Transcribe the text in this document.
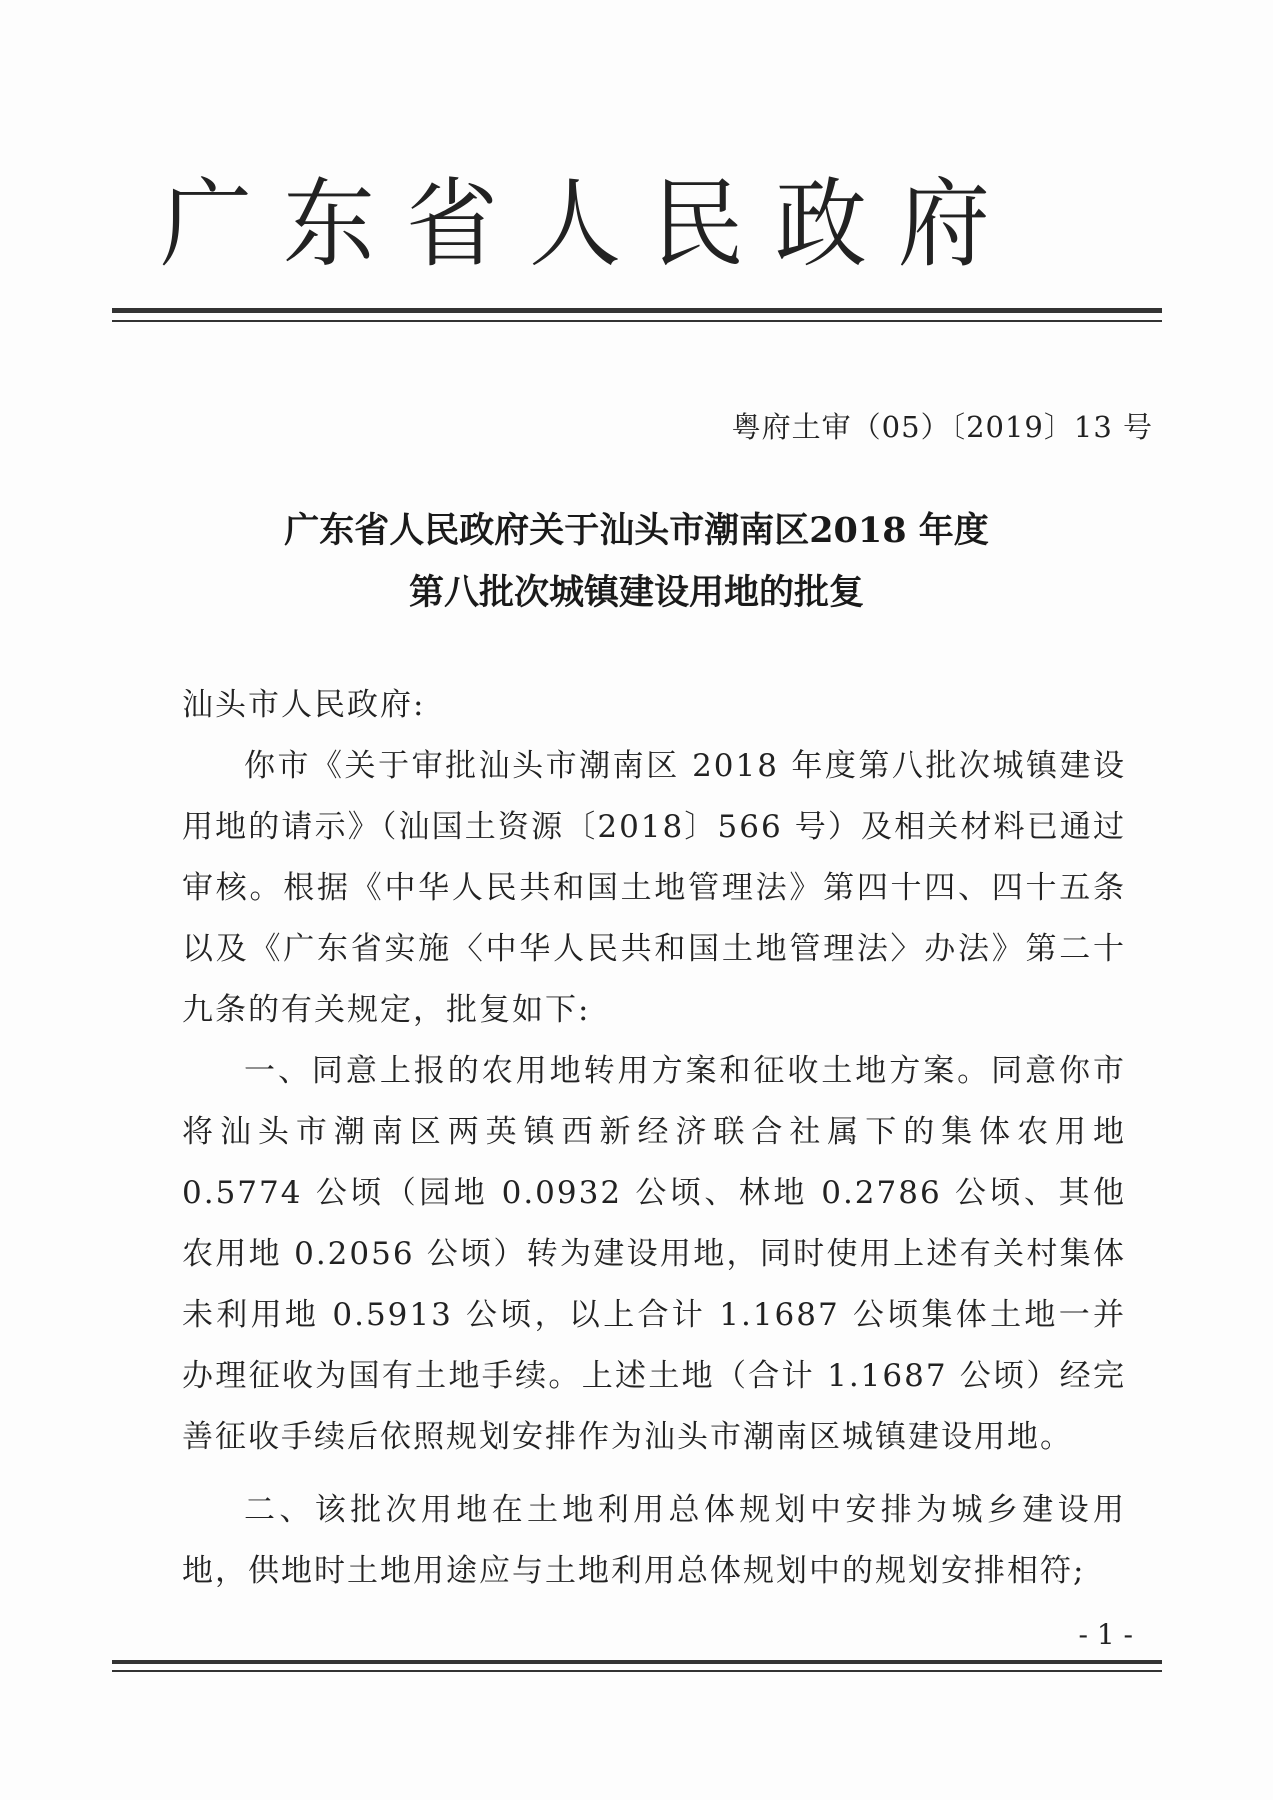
广 东 省 人 民 政 府
粤府土审（05）〔2019〕13 号
广东省人民政府关于汕头市潮南区2018 年度
第八批次城镇建设用地的批复

汕头市人民政府:

你市《关于审批汕头市潮南区 2018 年度第八批次城镇建设用地的请示》（汕国土资源〔2018〕566 号）及相关材料已通过审核。根据《中华人民共和国土地管理法》第四十四、四十五条以及《广东省实施〈中华人民共和国土地管理法〉办法》第二十九条的有关规定，批复如下:

一、同意上报的农用地转用方案和征收土地方案。同意你市将汕头市潮南区两英镇西新经济联合社属下的集体农用地 0.5774 公顷（园地 0.0932 公顷、林地 0.2786 公顷、其他农用地 0.2056 公顷）转为建设用地，同时使用上述有关村集体未利用地 0.5913 公顷，以上合计 1.1687 公顷集体土地一并办理征收为国有土地手续。上述土地（合计 1.1687 公顷）经完善征收手续后依照规划安排作为汕头市潮南区城镇建设用地。

二、该批次用地在土地利用总体规划中安排为城乡建设用地，供地时土地用途应与土地利用总体规划中的规划安排相符;

- 1 -
